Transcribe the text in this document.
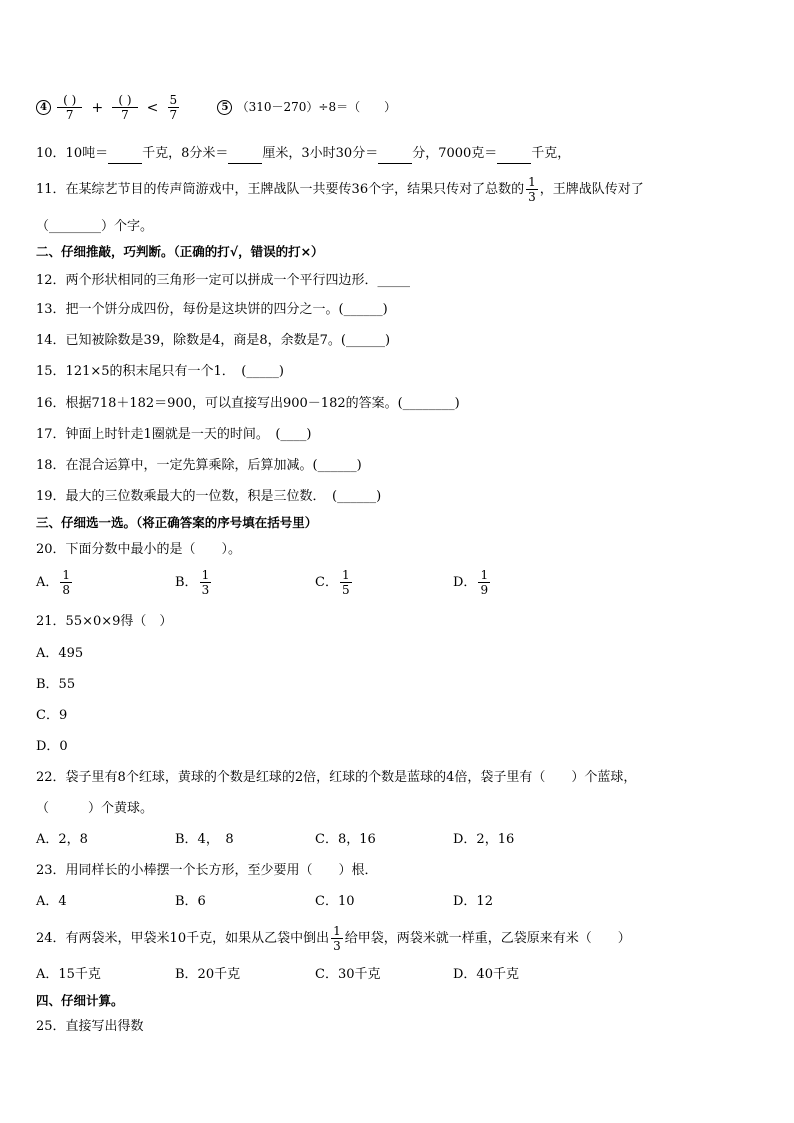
$4 \frac{( )}{7} + \frac{( )}{7} < \frac{5}{7}$	5 （310－270）÷8＝（　　）
10．10吨＝	千克，8分米＝	厘米，3小时30分＝	分，7000克＝	千克，
11．在某综艺节目的传声筒游戏中，王牌战队一共要传36个字，结果只传对了总数的 $\frac{1}{3}$ ，王牌战队传对了
（________）个字。
二、仔细推敲，巧判断。（正确的打√，错误的打×）
12．两个形状相同的三角形一定可以拼成一个平行四边形．_____
13．把一个饼分成四份，每份是这块饼的四分之一。(______)
14．已知被除数是39，除数是4，商是8，余数是7。(______)
15．121×5的积末尾只有一个1．　(_____)
16．根据718＋182＝900，可以直接写出900－182的答案。(________)
17．钟面上时针走1圈就是一天的时间。　(____)
18．在混合运算中，一定先算乘除，后算加减。(______)
19．最大的三位数乘最大的一位数，积是三位数．　(______)
三、仔细选一选。（将正确答案的序号填在括号里）
20．下面分数中最小的是（　　）。
A． $\frac{1}{8}$	B． $\frac{1}{3}$	C． $\frac{1}{5}$	D． $\frac{1}{9}$
21．55×0×9得（　）
A．495
B．55
C．9
D．0
22．袋子里有8个红球，黄球的个数是红球的2倍，红球的个数是蓝球的4倍，袋子里有（　　）个蓝球，
（　　　）个黄球。
A．2，8	B．4，　8	C．8，16	D．2，16
23．用同样长的小棒摆一个长方形，至少要用（　　）根．
A．4	B．6	C．10	D．12
24．有两袋米，甲袋米10千克，如果从乙袋中倒出 $\frac{1}{3}$ 给甲袋，两袋米就一样重，乙袋原来有米（　　）
A．15千克	B．20千克	C．30千克	D．40千克
四、仔细计算。
25．直接写出得数
